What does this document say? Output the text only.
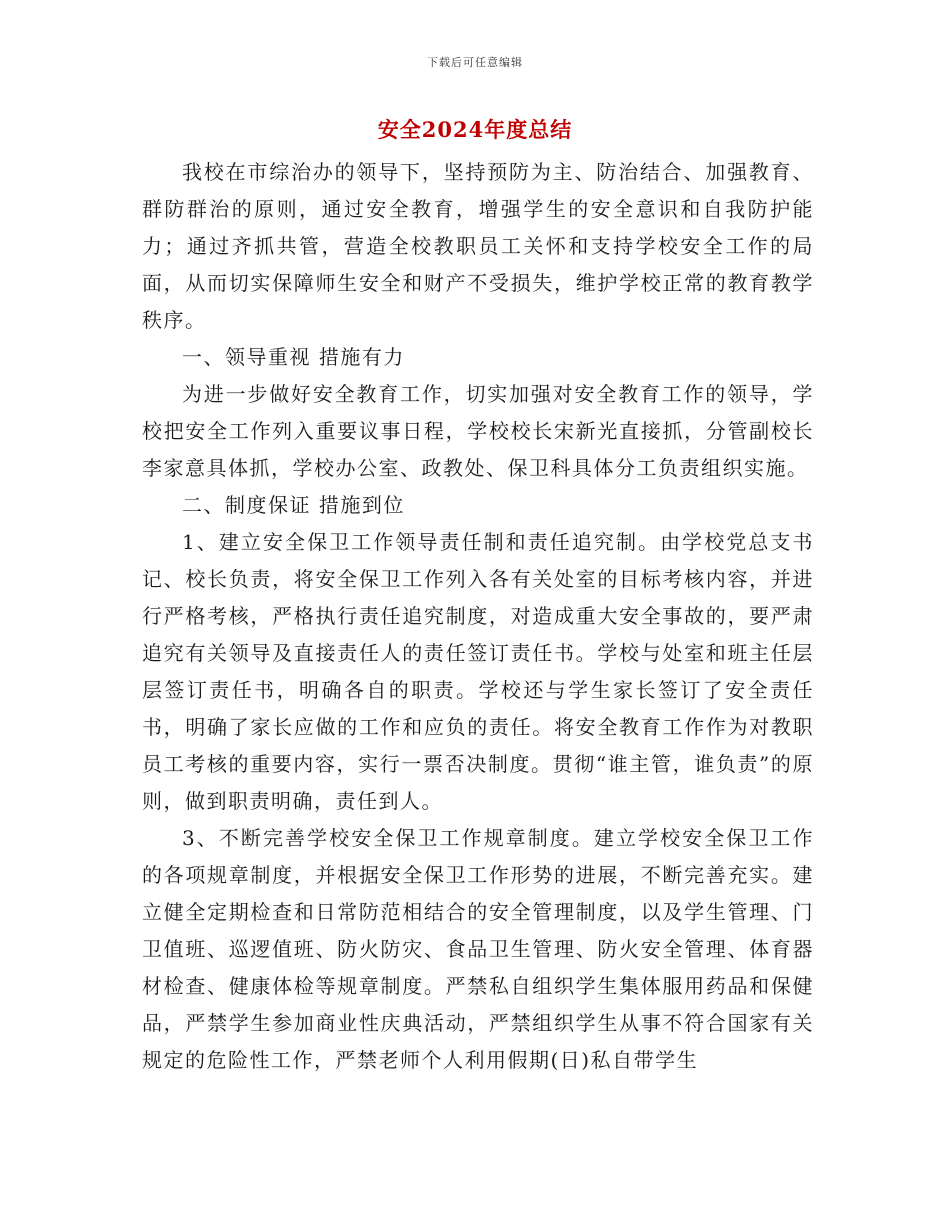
下载后可任意编辑
安全2024年度总结

我校在市综治办的领导下，坚持预防为主、防治结合、加强教育、群防群治的原则，通过安全教育，增强学生的安全意识和自我防护能力；通过齐抓共管，营造全校教职员工关怀和支持学校安全工作的局面，从而切实保障师生安全和财产不受损失，维护学校正常的教育教学秩序。

一、领导重视 措施有力

为进一步做好安全教育工作，切实加强对安全教育工作的领导，学校把安全工作列入重要议事日程，学校校长宋新光直接抓，分管副校长李家意具体抓，学校办公室、政教处、保卫科具体分工负责组织实施。

二、制度保证 措施到位

1、建立安全保卫工作领导责任制和责任追究制。由学校党总支书记、校长负责，将安全保卫工作列入各有关处室的目标考核内容，并进行严格考核，严格执行责任追究制度，对造成重大安全事故的，要严肃追究有关领导及直接责任人的责任签订责任书。学校与处室和班主任层层签订责任书，明确各自的职责。学校还与学生家长签订了安全责任书，明确了家长应做的工作和应负的责任。将安全教育工作作为对教职员工考核的重要内容，实行一票否决制度。贯彻“谁主管，谁负责”的原则，做到职责明确，责任到人。

3、不断完善学校安全保卫工作规章制度。建立学校安全保卫工作的各项规章制度，并根据安全保卫工作形势的进展，不断完善充实。建立健全定期检查和日常防范相结合的安全管理制度，以及学生管理、门卫值班、巡逻值班、防火防灾、食品卫生管理、防火安全管理、体育器材检查、健康体检等规章制度。严禁私自组织学生集体服用药品和保健品，严禁学生参加商业性庆典活动，严禁组织学生从事不符合国家有关规定的危险性工作，严禁老师个人利用假期(日)私自带学生
